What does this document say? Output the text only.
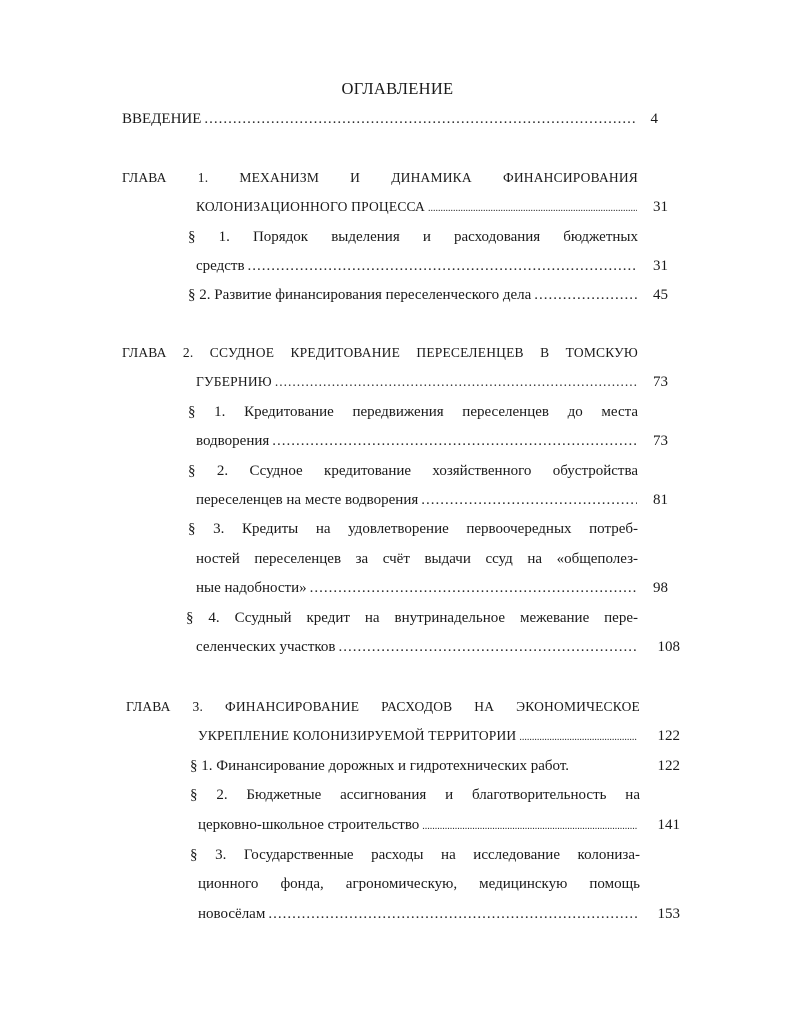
ОГЛАВЛЕНИЕ
ВВЕДЕНИЕ .....	4
ГЛАВА 1. МЕХАНИЗМ И ДИНАМИКА ФИНАНСИРОВАНИЯ
КОЛОНИЗАЦИОННОГО ПРОЦЕССА .....	31
§ 1. Порядок выделения и расходования бюджетных
средств .....	31
§ 2. Развитие финансирования переселенческого дела .....	45
ГЛАВА 2. ССУДНОЕ КРЕДИТОВАНИЕ ПЕРЕСЕЛЕНЦЕВ В ТОМСКУЮ
ГУБЕРНИЮ .....	73
§ 1. Кредитование передвижения переселенцев до места
водворения .....	73
§ 2. Ссудное кредитование хозяйственного обустройства
переселенцев на месте водворения .....	81
§ 3. Кредиты на удовлетворение первоочередных потреб-
ностей переселенцев за счёт выдачи ссуд на «общеполез-
ные надобности» .....	98
§ 4. Ссудный кредит на внутринадельное межевание пере-
селенческих участков .....	108
ГЛАВА 3. ФИНАНСИРОВАНИЕ РАСХОДОВ НА ЭКОНОМИЧЕСКОЕ
УКРЕПЛЕНИЕ КОЛОНИЗИРУЕМОЙ ТЕРРИТОРИИ .....	122
§ 1. Финансирование дорожных и гидротехнических работ.	122
§ 2. Бюджетные ассигнования и благотворительность на
церковно-школьное строительство .....	141
§ 3. Государственные расходы на исследование колониза-
ционного фонда, агрономическую, медицинскую помощь
новосёлам .....	153
